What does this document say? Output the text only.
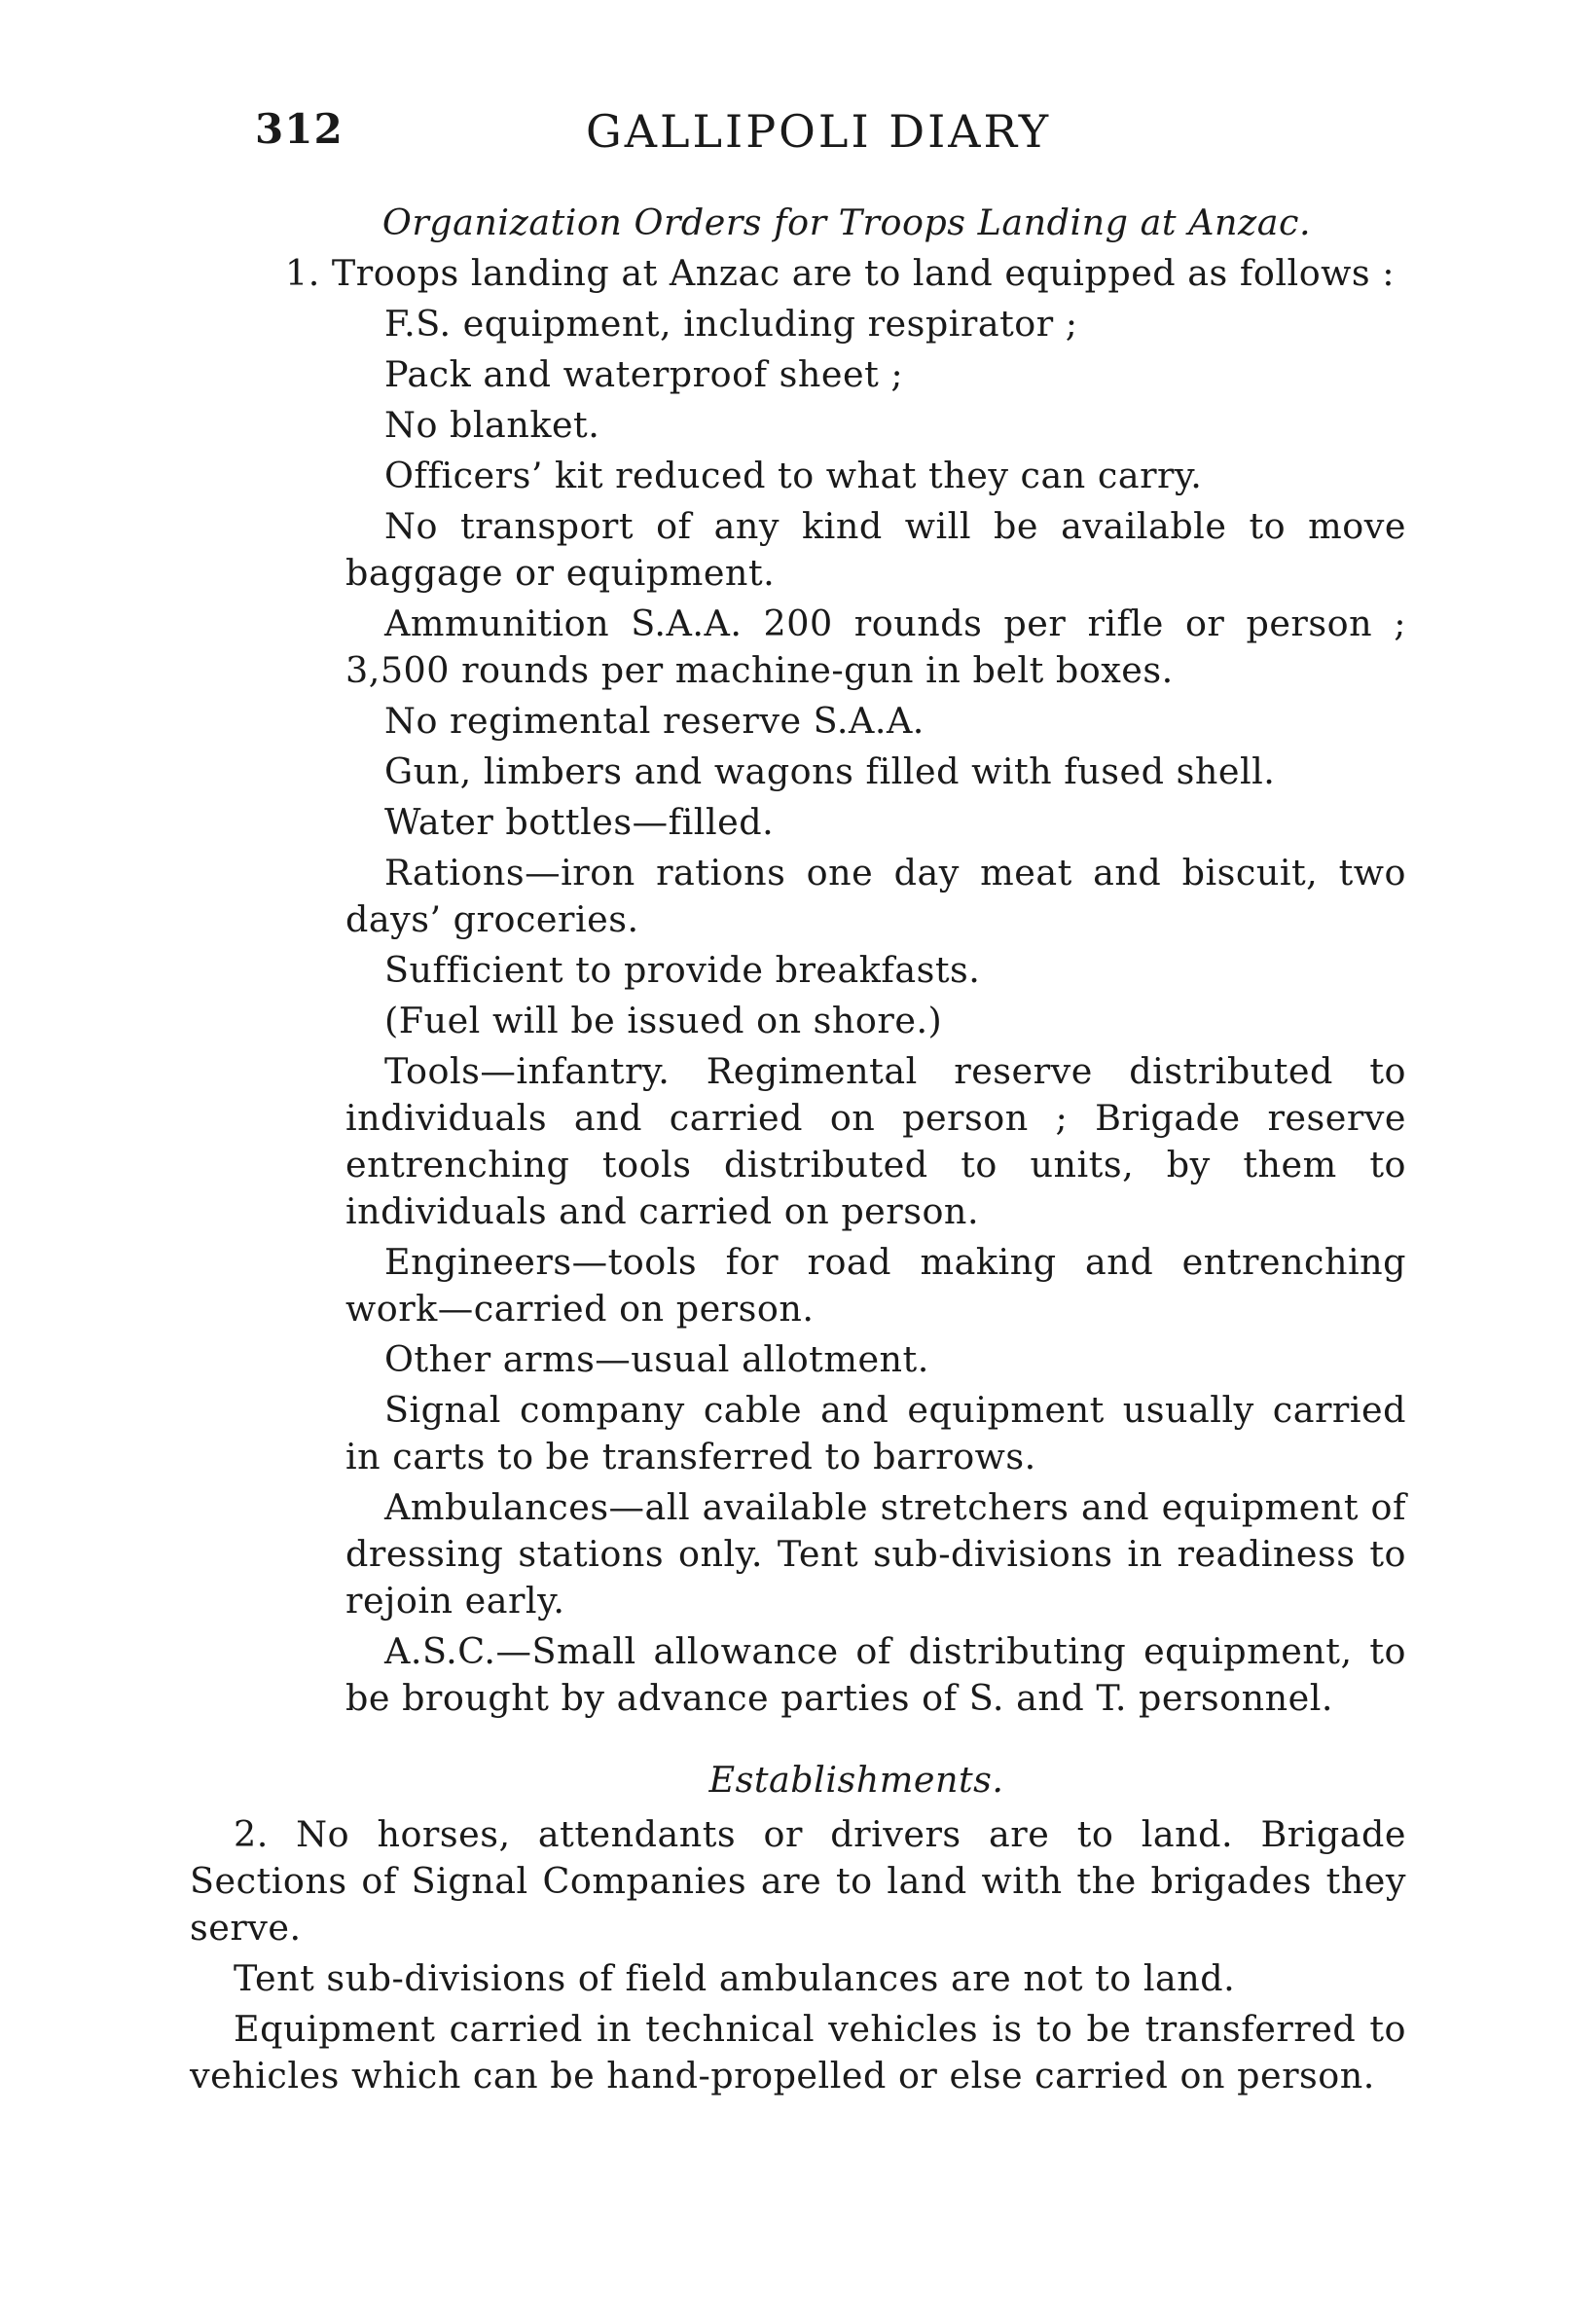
312	GALLIPOLI DIARY

Organization Orders for Troops Landing at Anzac.

1. Troops landing at Anzac are to land equipped as follows :

F.S. equipment, including respirator ;

Pack and waterproof sheet ;

No blanket.

Officers’ kit reduced to what they can carry.

No transport of any kind will be available to move baggage or equipment.

Ammunition S.A.A. 200 rounds per rifle or person ; 3,500 rounds per machine-gun in belt boxes.

No regimental reserve S.A.A.

Gun, limbers and wagons filled with fused shell.

Water bottles—filled.

Rations—iron rations one day meat and biscuit, two days’ groceries.

Sufficient to provide breakfasts.

(Fuel will be issued on shore.)

Tools—infantry. Regimental reserve distributed to individuals and carried on person ; Brigade reserve entrenching tools distributed to units, by them to individuals and carried on person.

Engineers—tools for road making and entrenching work—carried on person.

Other arms—usual allotment.

Signal company cable and equipment usually carried in carts to be transferred to barrows.

Ambulances—all available stretchers and equipment of dressing stations only. Tent sub-divisions in readiness to rejoin early.

A.S.C.—Small allowance of distributing equipment, to be brought by advance parties of S. and T. personnel.

Establishments.

2. No horses, attendants or drivers are to land. Brigade Sections of Signal Companies are to land with the brigades they serve.

Tent sub-divisions of field ambulances are not to land.

Equipment carried in technical vehicles is to be transferred to vehicles which can be hand-propelled or else carried on person.
